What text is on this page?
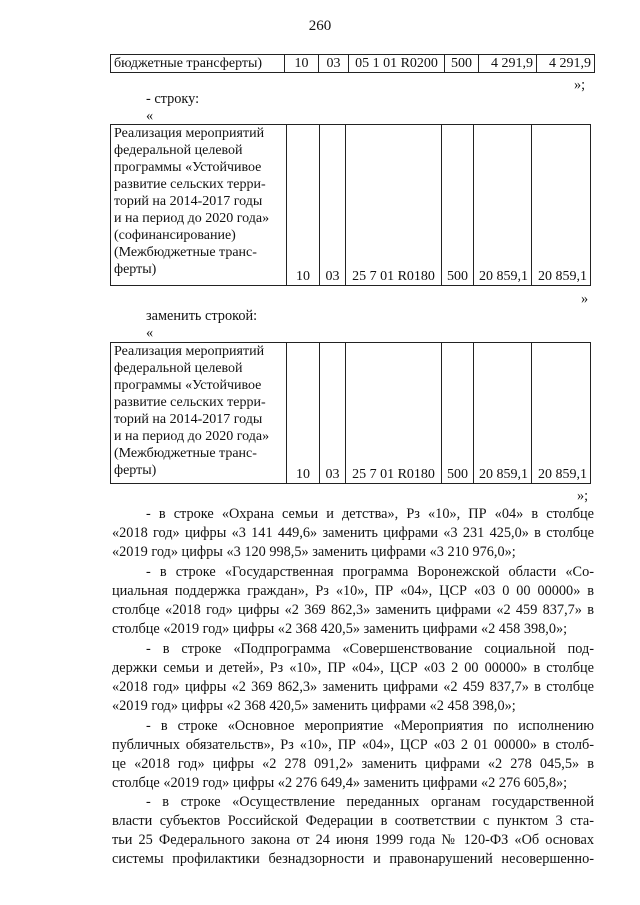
260
бюджетные трансферты)	10	03	05 1 01 R0200	500	4 291,9	4 291,9
»;
- строку:
«
Реализация мероприятий
федеральной целевой
программы «Устойчивое
развитие сельских терри-
торий на 2014-2017 годы
и на период до 2020 года»
(софинансирование)
(Межбюджетные транс-
ферты)	10	03	25 7 01 R0180	500	20 859,1	20 859,1
»
заменить строкой:
«
Реализация мероприятий
федеральной целевой
программы «Устойчивое
развитие сельских терри-
торий на 2014-2017 годы
и на период до 2020 года»
(Межбюджетные транс-
ферты)	10	03	25 7 01 R0180	500	20 859,1	20 859,1
»;
- в строке «Охрана семьи и детства», Рз «10», ПР «04» в столбце
«2018 год» цифры «3 141 449,6» заменить цифрами «3 231 425,0» в столбце
«2019 год» цифры «3 120 998,5» заменить цифрами «3 210 976,0»;
- в строке «Государственная программа Воронежской области «Со-
циальная поддержка граждан», Рз «10», ПР «04», ЦСР «03 0 00 00000» в
столбце «2018 год» цифры «2 369 862,3» заменить цифрами «2 459 837,7» в
столбце «2019 год» цифры «2 368 420,5» заменить цифрами «2 458 398,0»;
- в строке «Подпрограмма «Совершенствование социальной под-
держки семьи и детей», Рз «10», ПР «04», ЦСР «03 2 00 00000» в столбце
«2018 год» цифры «2 369 862,3» заменить цифрами «2 459 837,7» в столбце
«2019 год» цифры «2 368 420,5» заменить цифрами «2 458 398,0»;
- в строке «Основное мероприятие «Мероприятия по исполнению
публичных обязательств», Рз «10», ПР «04», ЦСР «03 2 01 00000» в столб-
це «2018 год» цифры «2 278 091,2» заменить цифрами «2 278 045,5» в
столбце «2019 год» цифры «2 276 649,4» заменить цифрами «2 276 605,8»;
- в строке «Осуществление переданных органам государственной
власти субъектов Российской Федерации в соответствии с пунктом 3 ста-
тьи 25 Федерального закона от 24 июня 1999 года № 120-ФЗ «Об основах
системы профилактики безнадзорности и правонарушений несовершенно-
